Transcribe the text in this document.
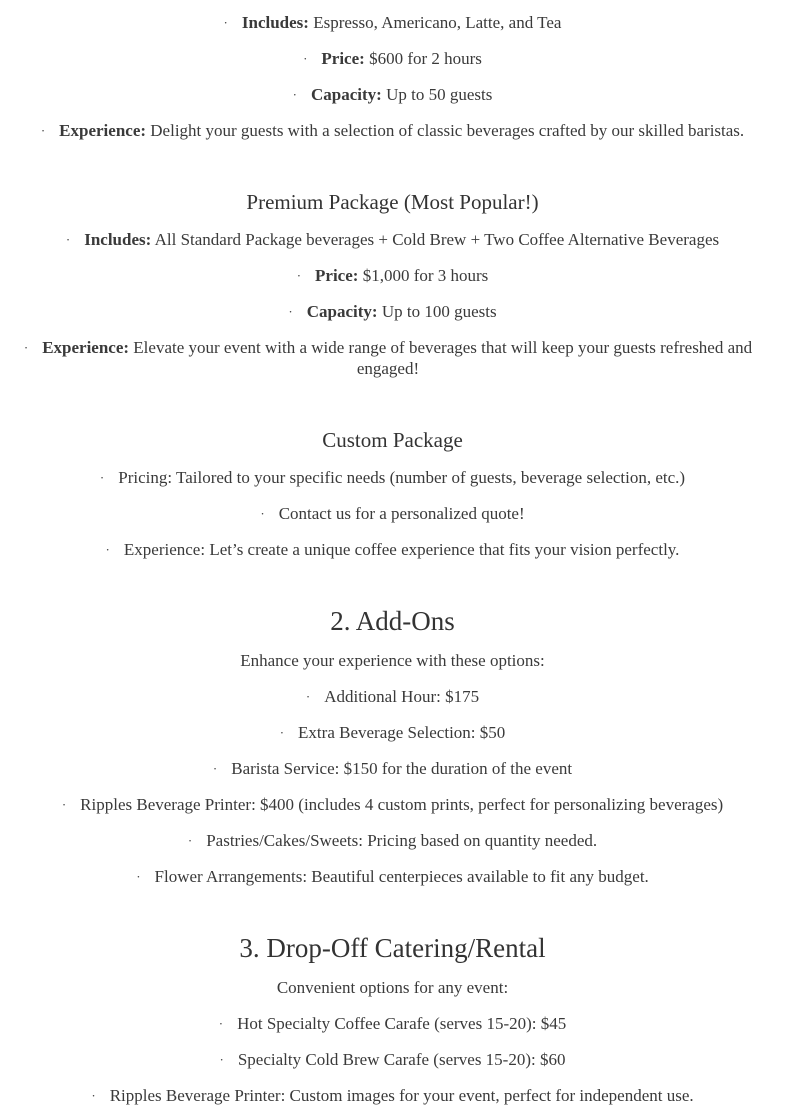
· Includes: Espresso, Americano, Latte, and Tea
· Price: $600 for 2 hours
· Capacity: Up to 50 guests
· Experience: Delight your guests with a selection of classic beverages crafted by our skilled baristas.
Premium Package (Most Popular!)
· Includes: All Standard Package beverages + Cold Brew + Two Coffee Alternative Beverages
· Price: $1,000 for 3 hours
· Capacity: Up to 100 guests
· Experience: Elevate your event with a wide range of beverages that will keep your guests refreshed and engaged!
Custom Package
· Pricing: Tailored to your specific needs (number of guests, beverage selection, etc.)
· Contact us for a personalized quote!
· Experience: Let’s create a unique coffee experience that fits your vision perfectly.
2. Add-Ons
Enhance your experience with these options:
· Additional Hour: $175
· Extra Beverage Selection: $50
· Barista Service: $150 for the duration of the event
· Ripples Beverage Printer: $400 (includes 4 custom prints, perfect for personalizing beverages)
· Pastries/Cakes/Sweets: Pricing based on quantity needed.
· Flower Arrangements: Beautiful centerpieces available to fit any budget.
3. Drop-Off Catering/Rental
Convenient options for any event:
· Hot Specialty Coffee Carafe (serves 15-20): $45
· Specialty Cold Brew Carafe (serves 15-20): $60
· Ripples Beverage Printer: Custom images for your event, perfect for independent use.
